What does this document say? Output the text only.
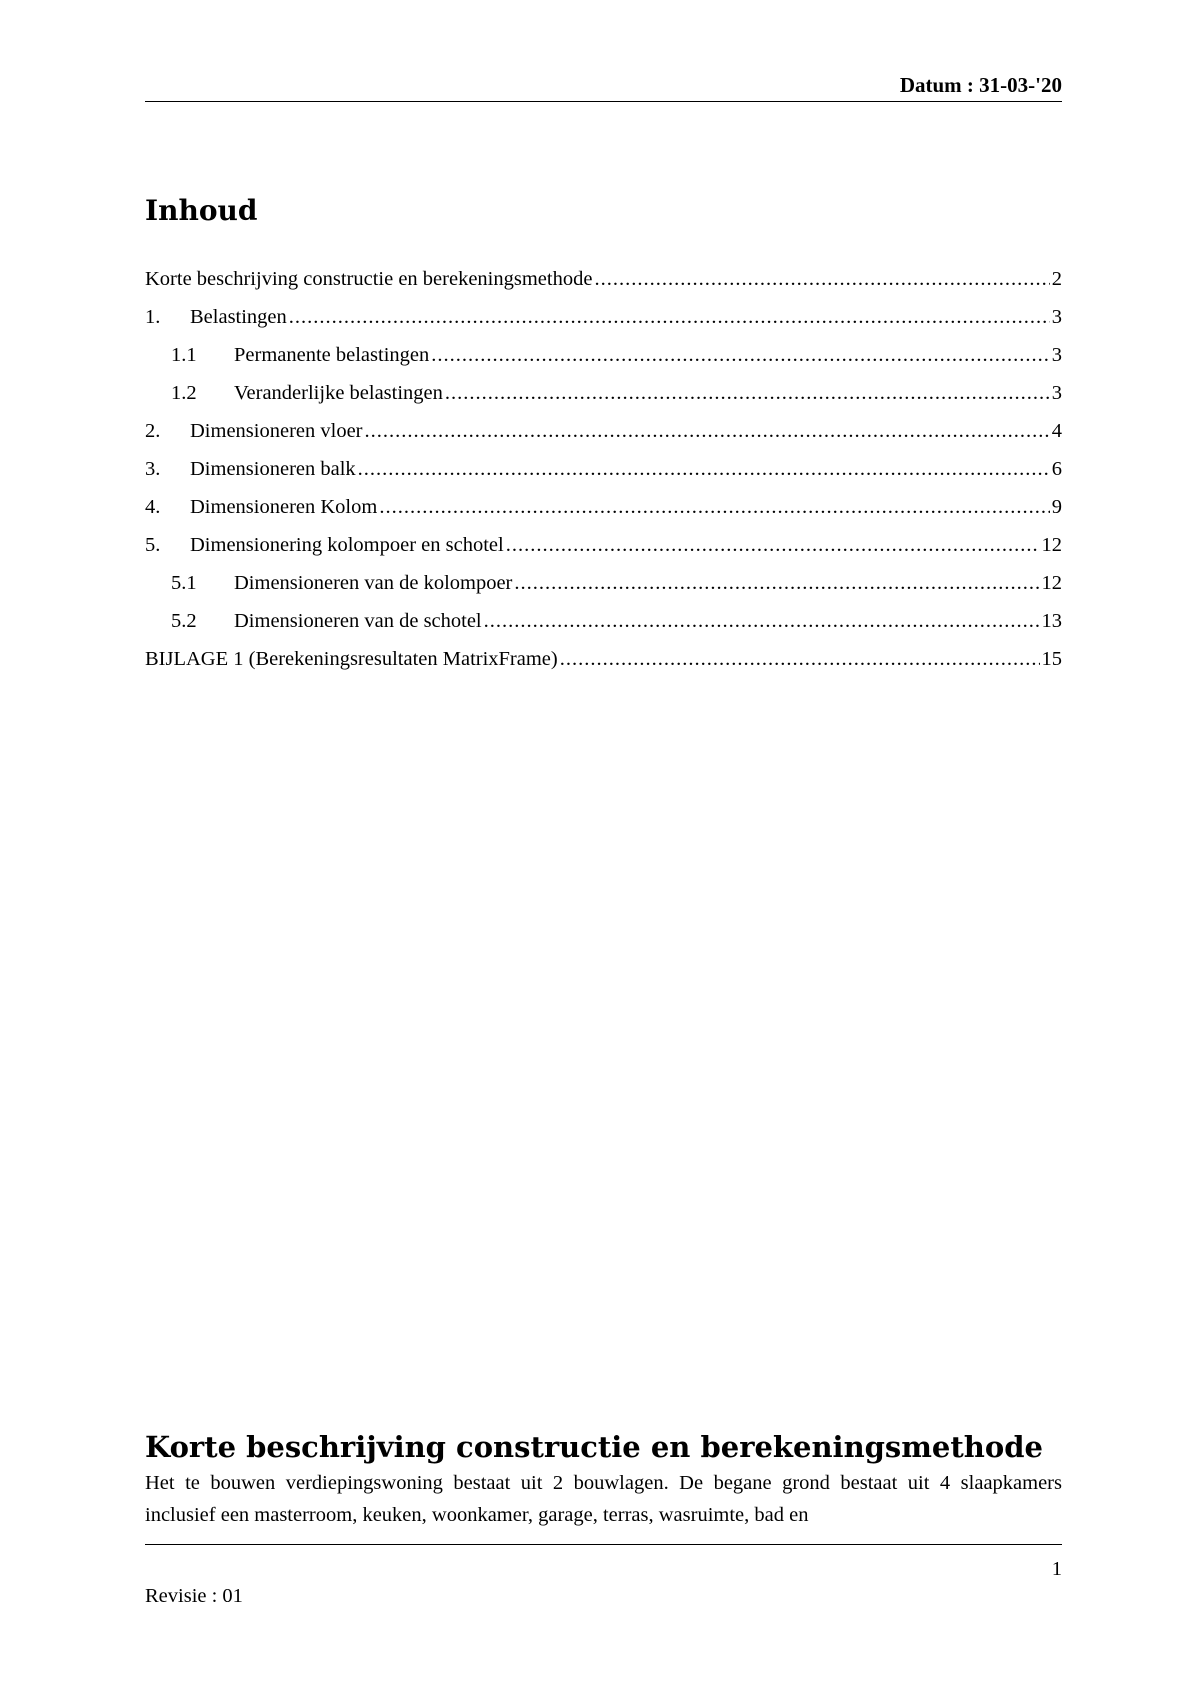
Datum : 31-03-'20
Inhoud
Korte beschrijving constructie en berekeningsmethode .....	2
1.	Belastingen .....	3
1.1	Permanente belastingen .....	3
1.2	Veranderlijke belastingen .....	3
2.	Dimensioneren vloer .....	4
3.	Dimensioneren balk .....	6
4.	Dimensioneren Kolom .....	9
5.	Dimensionering kolompoer en schotel .....	12
5.1	Dimensioneren van de kolompoer .....	12
5.2	Dimensioneren van de schotel .....	13
BIJLAGE 1 (Berekeningsresultaten MatrixFrame) .....	15
Korte beschrijving constructie en berekeningsmethode

Het te bouwen verdiepingswoning bestaat uit 2 bouwlagen. De begane grond bestaat uit 4 slaapkamers inclusief een masterroom, keuken, woonkamer, garage, terras, wasruimte, bad en

1
Revisie : 01
